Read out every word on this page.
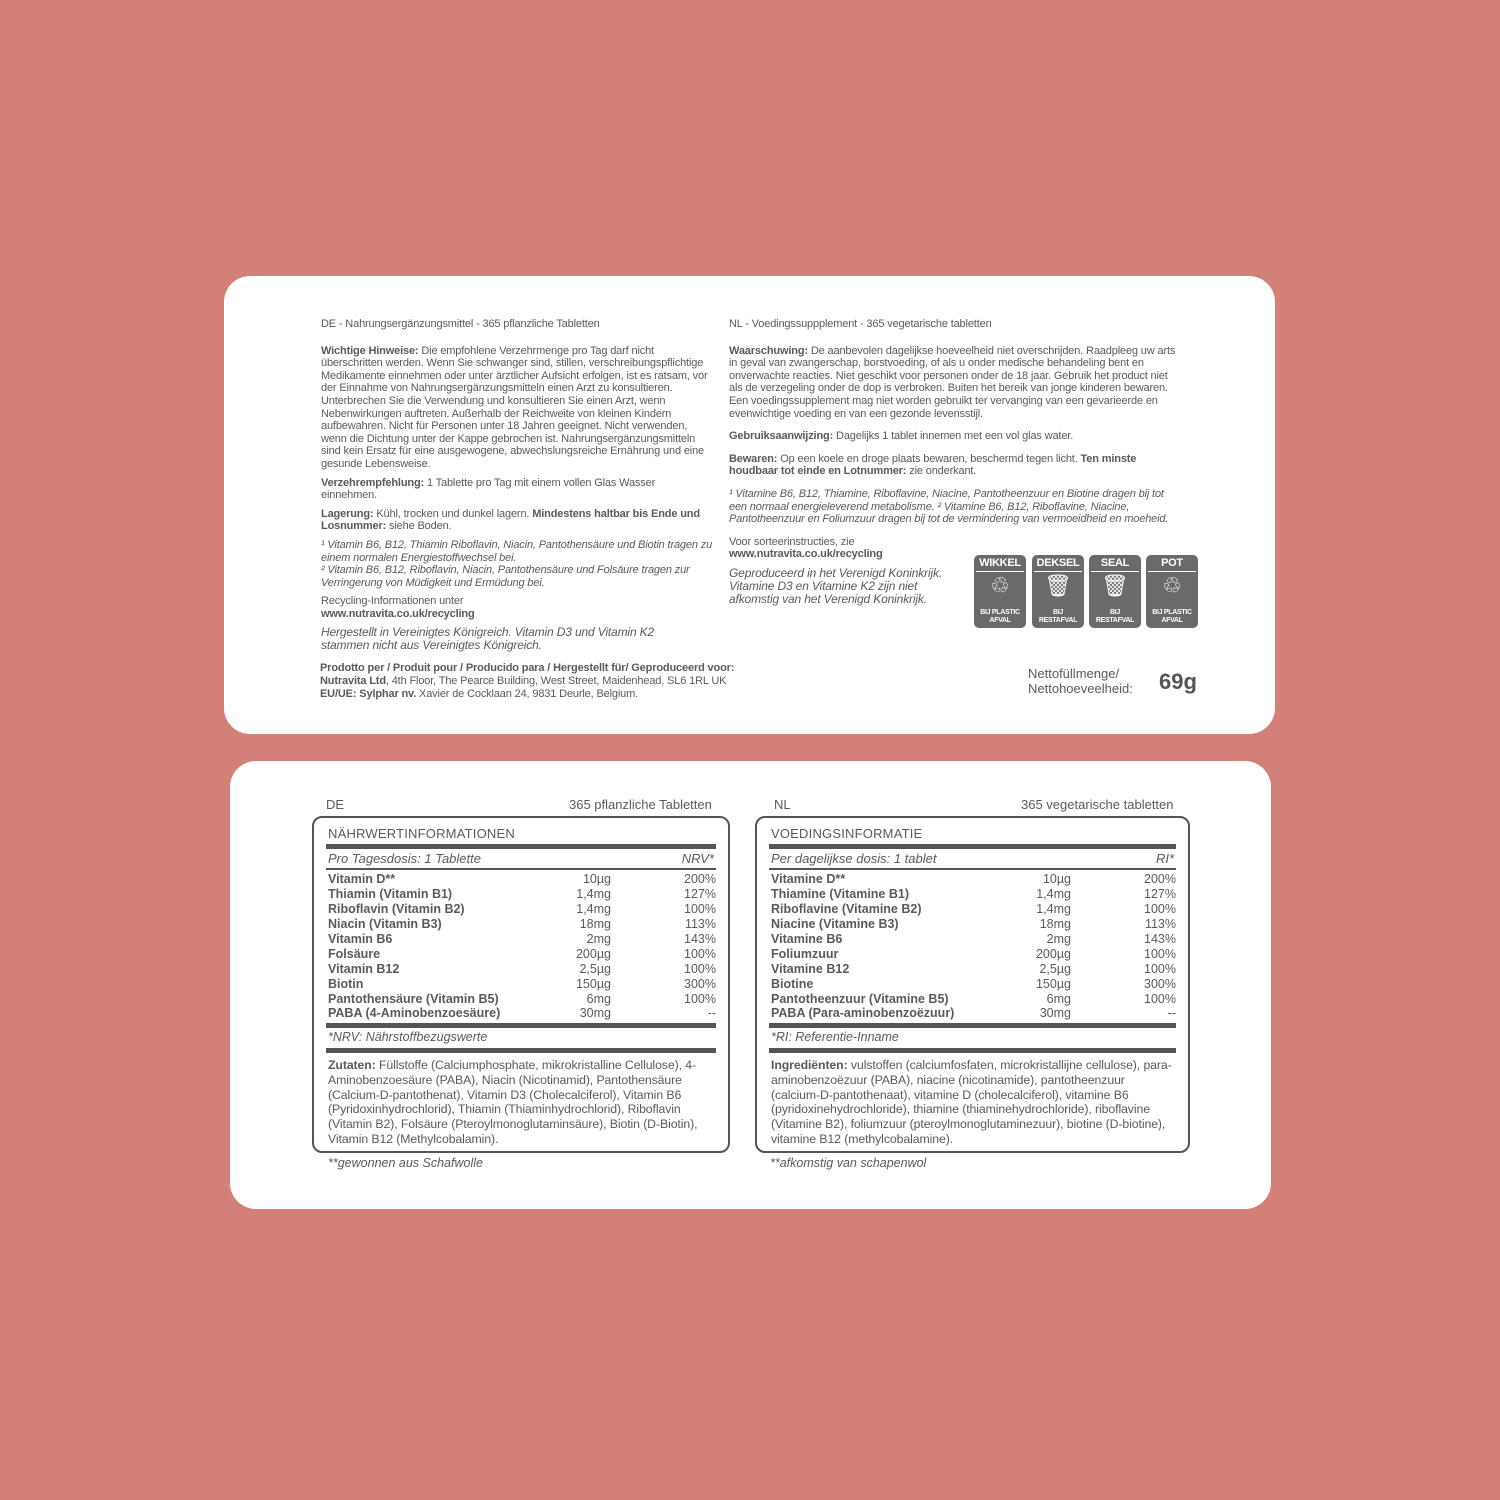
DE - Nahrungsergänzungsmittel - 365 pflanzliche Tabletten

Wichtige Hinweise: Die empfohlene Verzehrmenge pro Tag darf nicht überschritten werden. Wenn Sie schwanger sind, stillen, verschreibungspflichtige Medikamente einnehmen oder unter ärztlicher Aufsicht erfolgen, ist es ratsam, vor der Einnahme von Nahrungsergänzungsmitteln einen Arzt zu konsultieren. Unterbrechen Sie die Verwendung und konsultieren Sie einen Arzt, wenn Nebenwirkungen auftreten. Außerhalb der Reichweite von kleinen Kindern aufbewahren. Nicht für Personen unter 18 Jahren geeignet. Nicht verwenden, wenn die Dichtung unter der Kappe gebrochen ist. Nahrungsergänzungsmitteln sind kein Ersatz für eine ausgewogene, abwechslungsreiche Ernährung und eine gesunde Lebensweise.

Verzehrempfehlung: 1 Tablette pro Tag mit einem vollen Glas Wasser einnehmen.

Lagerung: Kühl, trocken und dunkel lagern. Mindestens haltbar bis Ende und Losnummer: siehe Boden.

¹ Vitamin B6, B12, Thiamin Riboflavin, Niacin, Pantothensäure und Biotin tragen zu einem normalen Energiestoffwechsel bei.

² Vitamin B6, B12, Riboflavin, Niacin, Pantothensäure und Folsäure tragen zur Verringerung von Müdigkeit und Ermüdung bei.

Recycling-Informationen unter
www.nutravita.co.uk/recycling

Hergestellt in Vereinigtes Königreich. Vitamin D3 und Vitamin K2 stammen nicht aus Vereinigtes Königreich.

NL - Voedingssuppplement - 365 vegetarische tabletten

Waarschuwing: De aanbevolen dagelijkse hoeveelheid niet overschrijden. Raadpleeg uw arts in geval van zwangerschap, borstvoeding, of als u onder medische behandeling bent en onverwachte reacties. Niet geschikt voor personen onder de 18 jaar. Gebruik het product niet als de verzegeling onder de dop is verbroken. Buiten het bereik van jonge kinderen bewaren. Een voedingssupplement mag niet worden gebruikt ter vervanging van een gevarieerde en evenwichtige voeding en van een gezonde levensstijl.

Gebruiksaanwijzing: Dagelijks 1 tablet innemen met een vol glas water.

Bewaren: Op een koele en droge plaats bewaren, beschermd tegen licht. Ten minste houdbaar tot einde en Lotnummer: zie onderkant.

¹ Vitamine B6, B12, Thiamine, Riboflavine, Niacine, Pantotheenzuur en Biotine dragen bij tot een normaal energieleverend metabolisme. ² Vitamine B6, B12, Riboflavine, Niacine, Pantotheenzuur en Foliumzuur dragen bij tot de vermindering van vermoeidheid en moeheid.

Voor sorteerinstructies, zie
www.nutravita.co.uk/recycling

Geproduceerd in het Verenigd Koninkrijk. Vitamine D3 en Vitamine K2 zijn niet afkomstig van het Verenigd Koninkrijk.

WIKKEL
♲
BIJ PLASTIC
AFVAL
DEKSEL
🗑
BIJ
RESTAFVAL
SEAL
🗑
BIJ
RESTAFVAL
POT
♲
BIJ PLASTIC
AFVAL
Prodotto per / Produit pour / Producido para / Hergestellt für/ Geproduceerd voor:
Nutravita Ltd, 4th Floor, The Pearce Building, West Street, Maidenhead, SL6 1RL UK
EU/UE: Sylphar nv. Xavier de Cocklaan 24, 9831 Deurle, Belgium.
Nettofüllmenge/
Nettohoeveelheid: 69g
DE	365 pflanzliche Tabletten	NL	365 vegetarische tabletten
NÄHRWERTINFORMATIONEN
Pro Tagesdosis: 1 Tablette	NRV*
Vitamin D**	10µg	200%
Thiamin (Vitamin B1)	1,4mg	127%
Riboflavin (Vitamin B2)	1,4mg	100%
Niacin (Vitamin B3)	18mg	113%
Vitamin B6	2mg	143%
Folsäure	200µg	100%
Vitamin B12	2,5µg	100%
Biotin	150µg	300%
Pantothensäure (Vitamin B5)	6mg	100%
PABA (4-Aminobenzoesäure)	30mg	--
*NRV: Nährstoffbezugswerte
Zutaten: Füllstoffe (Calciumphosphate, mikrokristalline Cellulose), 4-Aminobenzoesäure (PABA), Niacin (Nicotinamid), Pantothensäure (Calcium-D-pantothenat), Vitamin D3 (Cholecalciferol), Vitamin B6 (Pyridoxinhydrochlorid), Thiamin (Thiaminhydrochlorid), Riboflavin (Vitamin B2), Folsäure (Pteroylmonoglutaminsäure), Biotin (D-Biotin), Vitamin B12 (Methylcobalamin).
VOEDINGSINFORMATIE
Per dagelijkse dosis: 1 tablet	RI*
Vitamine D**	10µg	200%
Thiamine (Vitamine B1)	1,4mg	127%
Riboflavine (Vitamine B2)	1,4mg	100%
Niacine (Vitamine B3)	18mg	113%
Vitamine B6	2mg	143%
Foliumzuur	200µg	100%
Vitamine B12	2,5µg	100%
Biotine	150µg	300%
Pantotheenzuur (Vitamine B5)	6mg	100%
PABA (Para-aminobenzoëzuur)	30mg	--
*RI: Referentie-Inname
Ingrediënten: vulstoffen (calciumfosfaten, microkristallijne cellulose), para-aminobenzoëzuur (PABA), niacine (nicotinamide), pantotheenzuur (calcium-D-pantothenaat), vitamine D (cholecalciferol), vitamine B6 (pyridoxinehydrochloride), thiamine (thiaminehydrochloride), riboflavine (Vitamine B2), foliumzuur (pteroylmonoglutaminezuur), biotine (D-biotine), vitamine B12 (methylcobalamine).
**gewonnen aus Schafwolle	**afkomstig van schapenwol
